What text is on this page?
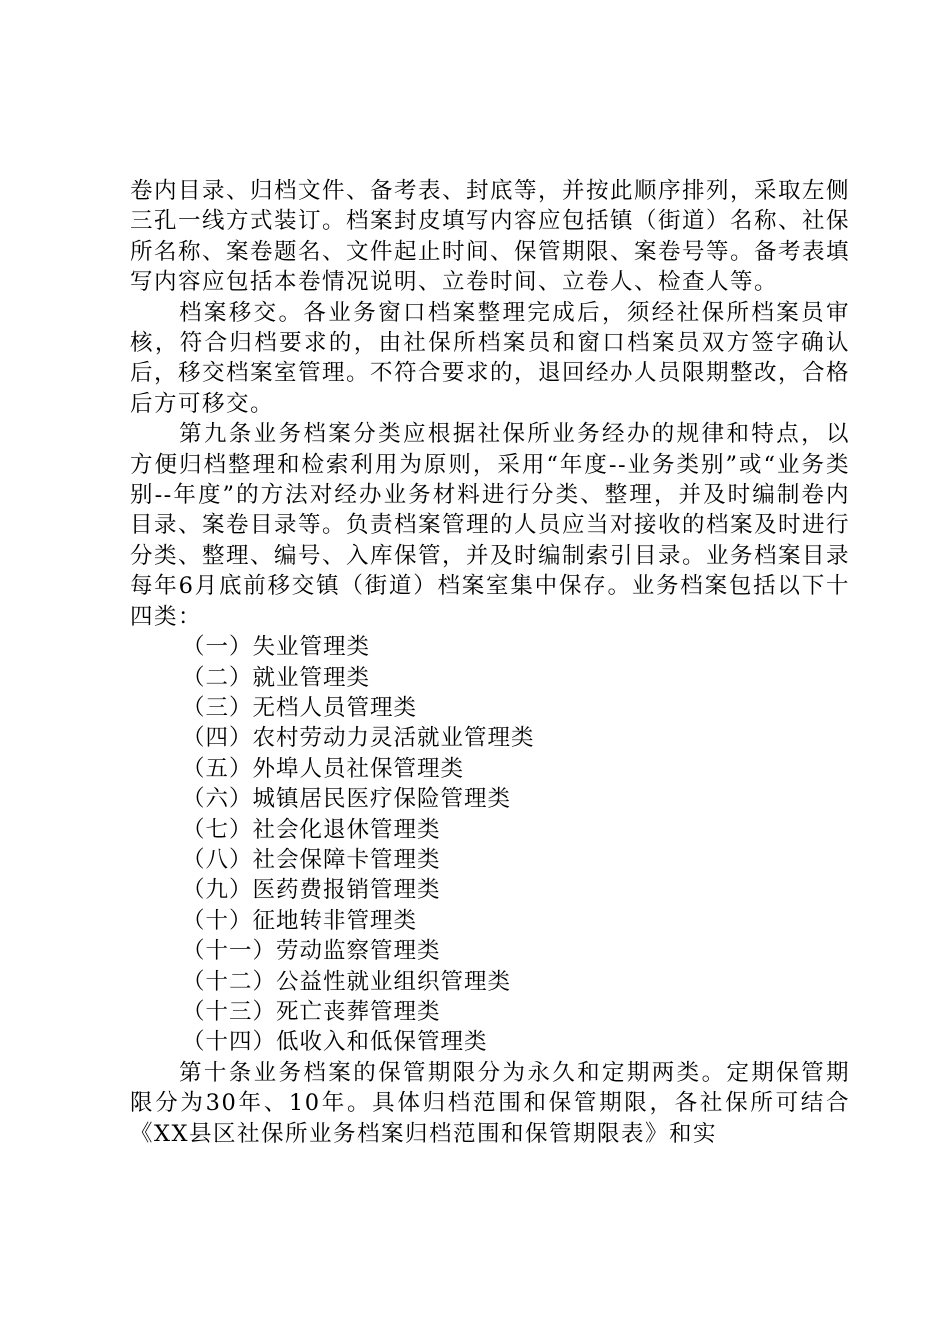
卷内目录、归档文件、备考表、封底等，并按此顺序排列，采取左侧三孔一线方式装订。档案封皮填写内容应包括镇（街道）名称、社保所名称、案卷题名、文件起止时间、保管期限、案卷号等。备考表填写内容应包括本卷情况说明、立卷时间、立卷人、检查人等。

档案移交。各业务窗口档案整理完成后，须经社保所档案员审核，符合归档要求的，由社保所档案员和窗口档案员双方签字确认后，移交档案室管理。不符合要求的，退回经办人员限期整改，合格后方可移交。

第九条业务档案分类应根据社保所业务经办的规律和特点，以方便归档整理和检索利用为原则，采用“年度--业务类别”或“业务类别--年度”的方法对经办业务材料进行分类、整理，并及时编制卷内目录、案卷目录等。负责档案管理的人员应当对接收的档案及时进行分类、整理、编号、入库保管，并及时编制索引目录。业务档案目录每年6月底前移交镇（街道）档案室集中保存。业务档案包括以下十四类：

（一）失业管理类
（二）就业管理类
（三）无档人员管理类
（四）农村劳动力灵活就业管理类
（五）外埠人员社保管理类
（六）城镇居民医疗保险管理类
（七）社会化退休管理类
（八）社会保障卡管理类
（九）医药费报销管理类
（十）征地转非管理类
（十一）劳动监察管理类
（十二）公益性就业组织管理类
（十三）死亡丧葬管理类
（十四）低收入和低保管理类

第十条业务档案的保管期限分为永久和定期两类。定期保管期限分为30年、10年。具体归档范围和保管期限，各社保所可结合《XX县区社保所业务档案归档范围和保管期限表》和实
